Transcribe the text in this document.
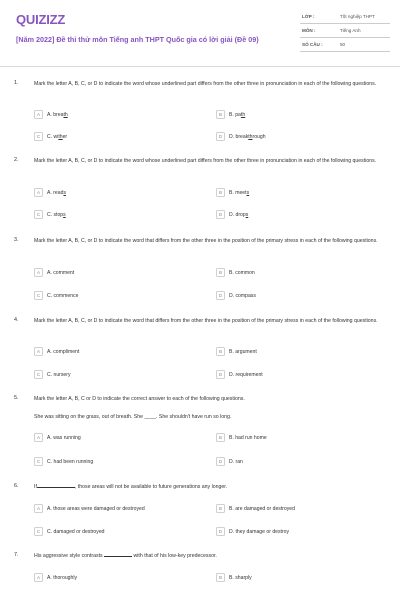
QUIZIZZ
[Năm 2022] Đề thi thử môn Tiếng anh THPT Quốc gia có lời giải (Đề 09)
LỚP :	Tốt nghiệp THPT
MÔN :	Tiếng Anh
SỐ CÂU :	50
1.	Mark the letter A, B, C, or D to indicate the word whose underlined part differs from the other three in pronunciation in each of the following questions.
A	A. breath	B	B. path
C	C. wither	D	D. breakthrough
2.	Mark the letter A, B, C, or D to indicate the word whose underlined part differs from the other three in pronunciation in each of the following questions.
A	A. reads	B	B. meets
C	C. stops	D	D. drops
3.	Mark the letter A, B, C, or D to indicate the word that differs from the other three in the position of the primary stress in each of the following questions.
A	A. comment	B	B. common
C	C. commence	D	D. compass
4.	Mark the letter A, B, C, or D to indicate the word that differs from the other three in the position of the primary stress in each of the following questions.
A	A. compliment	B	B. argument
C	C. nursery	D	D. requirement
5.	Mark the letter A, B, C or D to indicate the correct answer to each of the following questions.
She was sitting on the grass, out of breath. She ____. She shouldn't have run so long.
A	A. was running	B	B. had run home
C	C. had been running	D	D. ran
6.	If	, those areas will not be available to future generations any longer.
A	A. those areas were damaged or destroyed	B	B. are damaged or destroyed
C	C. damaged or destroyed	D	D. they damage or destroy
7.	His aggressive style contrasts	with that of his low-key predecessor.
A	A. thoroughly	B	B. sharply
